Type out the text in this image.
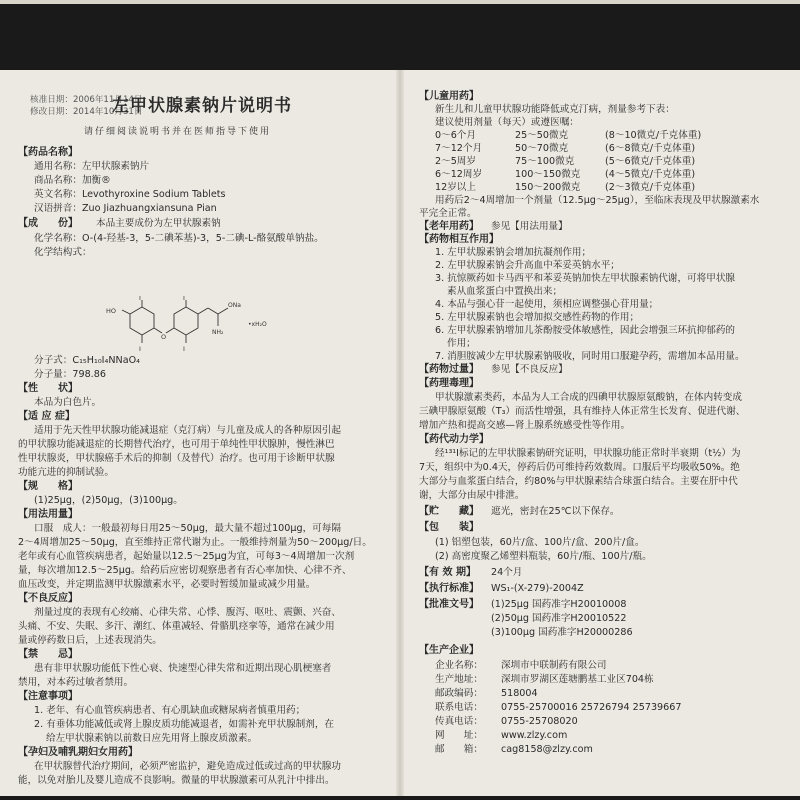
核准日期：2006年11月14日
修改日期：2014年10月31日
左甲状腺素钠片说明书
请仔细阅读说明书并在医师指导下使用
【药品名称】
通用名称：左甲状腺素钠片
商品名称：加衡®
英文名称：Levothyroxine Sodium Tablets
汉语拼音：Zuo Jiazhuangxiansuna Pian
【成　　份】 本品主要成份为左甲状腺素钠
化学名称：O-(4-羟基-3，5-二碘苯基)-3，5-二碘-L-酪氨酸单钠盐。
化学结构式：
HO
I
I
I
I
O
NH₂
ONa
•xH₂O
分子式：C₁₅H₁₀I₄NNaO₄
分子量：798.86
【性　　状】
本品为白色片。
【适 应 症】
适用于先天性甲状腺功能减退症（克汀病）与儿童及成人的各种原因引起
的甲状腺功能减退症的长期替代治疗，也可用于单纯性甲状腺肿，慢性淋巴
性甲状腺炎，甲状腺癌手术后的抑制（及替代）治疗。也可用于诊断甲状腺
功能亢进的抑制试验。
【规　　格】
(1)25μg，(2)50μg，(3)100μg。
【用法用量】
口服　成人：一般最初每日用25～50μg，最大量不超过100μg，可每隔
2～4周增加25～50μg，直至维持正常代谢为止。一般维持剂量为50～200μg/日。
老年或有心血管疾病患者，起始量以12.5～25μg为宜，可每3～4周增加一次剂
量，每次增加12.5～25μg。给药后应密切观察患者有否心率加快、心律不齐、
血压改变，并定期监测甲状腺激素水平，必要时暂缓加量或减少用量。
【不良反应】
剂量过度的表现有心绞痛、心律失常、心悸、腹泻、呕吐、震颤、兴奋、
头痛、不安、失眠、多汗、潮红、体重减轻、骨骼肌痉挛等，通常在减少用
量或停药数日后，上述表现消失。
【禁　　忌】
患有非甲状腺功能低下性心衰、快速型心律失常和近期出现心肌梗塞者
禁用，对本药过敏者禁用。
【注意事项】
1. 老年、有心血管疾病患者、有心肌缺血或糖尿病者慎重用药；
2. 有垂体功能减低或肾上腺皮质功能减退者，如需补充甲状腺制剂，在
给左甲状腺素钠以前数日应先用肾上腺皮质激素。
【孕妇及哺乳期妇女用药】
在甲状腺替代治疗期间，必须严密监护，避免造成过低或过高的甲状腺功
能，以免对胎儿及婴儿造成不良影响。微量的甲状腺激素可从乳汁中排出。
【儿童用药】
新生儿和儿童甲状腺功能降低或克汀病，剂量参考下表：
建议使用剂量（每天）或遵医嘱：
0～6个月	25～50微克	(8～10微克/千克体重)
7～12个月	50～70微克	(6～8微克/千克体重)
2～5周岁	75～100微克	(5～6微克/千克体重)
6～12周岁	100～150微克	(4～5微克/千克体重)
12岁以上	150～200微克	(2～3微克/千克体重)
用药后2～4周增加一个剂量（12.5μg～25μg），至临床表现及甲状腺激素水
平完全正常。
【老年用药】 参见【用法用量】
【药物相互作用】
1. 左甲状腺素钠会增加抗凝剂作用；
2. 左甲状腺素钠会升高血中苯妥英钠水平；
3. 抗惊厥药如卡马西平和苯妥英钠加快左甲状腺素钠代谢，可将甲状腺
素从血浆蛋白中置换出来；
4. 本品与强心苷一起使用，须相应调整强心苷用量；
5. 左甲状腺素钠也会增加拟交感性药物的作用；
6. 左甲状腺素钠增加儿茶酚胺受体敏感性，因此会增强三环抗抑郁药的
作用；
7. 消胆胺减少左甲状腺素钠吸收，同时用口服避孕药，需增加本品用量。
【药物过量】 参见【不良反应】
【药理毒理】
甲状腺激素类药，本品为人工合成的四碘甲状腺原氨酸钠，在体内转变成
三碘甲腺原氨酸（T₃）而活性增强，具有维持人体正常生长发育、促进代谢、
增加产热和提高交感—肾上腺系统感受性等作用。
【药代动力学】
经¹³¹I标记的左甲状腺素钠研究证明，甲状腺功能正常时半衰期（t½）为
7天，组织中为0.4天，停药后仍可维持药效数周。口服后平均吸收50%。绝
大部分与血浆蛋白结合，约80%与甲状腺素结合球蛋白结合。主要在肝中代
谢，大部分由尿中排泄。
【贮　　藏】 遮光，密封在25℃以下保存。
【包　　装】
(1) 铝塑包装，60片/盒、100片/盒、200片/盒。
(2) 高密度聚乙烯塑料瓶装，60片/瓶、100片/瓶。
【有 效 期】 24个月
【执行标准】 WS₁-(X-279)-2004Z
【批准文号】 (1)25μg 国药准字H20010008
(2)50μg 国药准字H20010522
(3)100μg 国药准字H20000286
【生产企业】
企业名称： 深圳市中联制药有限公司
生产地址： 深圳市罗湖区莲塘鹏基工业区704栋
邮政编码： 518004
联系电话： 0755-25700016 25726794 25739667
传真电话： 0755-25708020
网　　址： www.zlzy.com
邮　　箱： cag8158@zlzy.com
